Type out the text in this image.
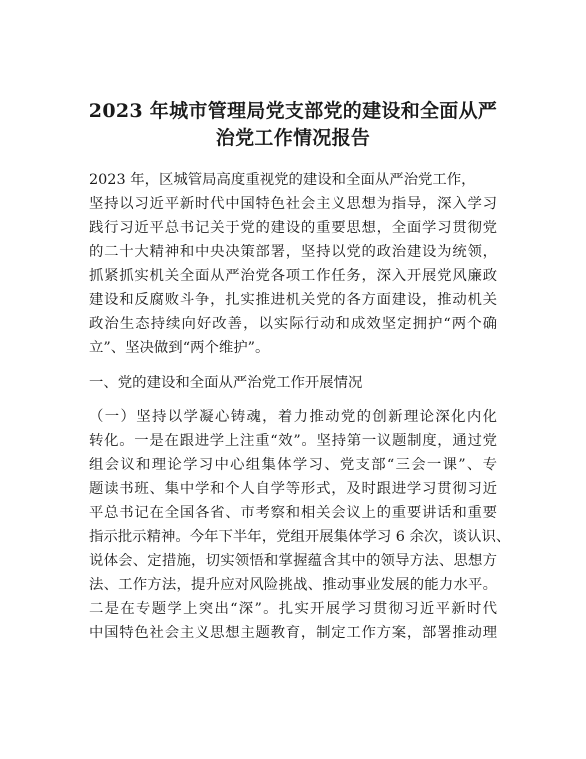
2023 年城市管理局党支部党的建设和全面从严
治党工作情况报告
2023 年，区城管局高度重视党的建设和全面从严治党工作，
坚持以习近平新时代中国特色社会主义思想为指导，深入学习
践行习近平总书记关于党的建设的重要思想，全面学习贯彻党
的二十大精神和中央决策部署，坚持以党的政治建设为统领，
抓紧抓实机关全面从严治党各项工作任务，深入开展党风廉政
建设和反腐败斗争，扎实推进机关党的各方面建设，推动机关
政治生态持续向好改善，以实际行动和成效坚定拥护“两个确
立”、坚决做到“两个维护”。
一、党的建设和全面从严治党工作开展情况
（一）坚持以学凝心铸魂，着力推动党的创新理论深化内化
转化。一是在跟进学上注重“效”。坚持第一议题制度，通过党
组会议和理论学习中心组集体学习、党支部“三会一课”、专
题读书班、集中学和个人自学等形式，及时跟进学习贯彻习近
平总书记在全国各省、市考察和相关会议上的重要讲话和重要
指示批示精神。今年下半年，党组开展集体学习 6 余次，谈认识、
说体会、定措施，切实领悟和掌握蕴含其中的领导方法、思想方
法、工作方法，提升应对风险挑战、推动事业发展的能力水平。
二是在专题学上突出“深”。扎实开展学习贯彻习近平新时代
中国特色社会主义思想主题教育，制定工作方案，部署推动理
